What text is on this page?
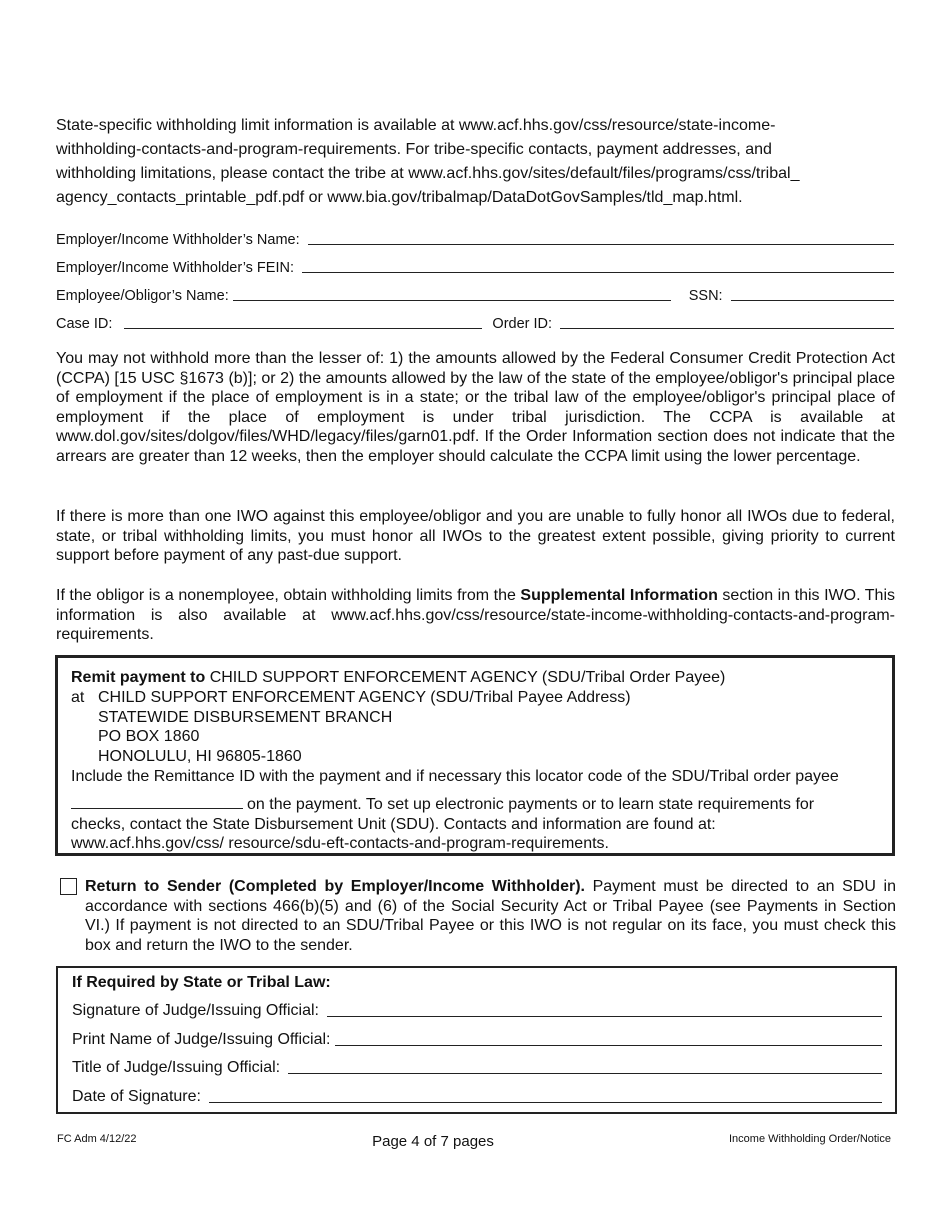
State-specific withholding limit information is available at www.acf.hhs.gov/css/resource/state-income-
withholding-contacts-and-program-requirements. For tribe-specific contacts, payment addresses, and
withholding limitations, please contact the tribe at www.acf.hhs.gov/sites/default/files/programs/css/tribal_
agency_contacts_printable_pdf.pdf or www.bia.gov/tribalmap/DataDotGovSamples/tld_map.html.
Employer/Income Withholder’s Name:
Employer/Income Withholder’s FEIN:
Employee/Obligor’s Name:	SSN:
Case ID:	Order ID:

You may not withhold more than the lesser of: 1) the amounts allowed by the Federal Consumer Credit Protection Act (CCPA) [15 USC §1673 (b)]; or 2) the amounts allowed by the law of the state of the employee/obligor's principal place of employment if the place of employment is in a state; or the tribal law of the employee/obligor's principal place of employment if the place of employment is under tribal jurisdiction. The CCPA is available at www.dol.gov/sites/dolgov/files/WHD/legacy/files/garn01.pdf. If the Order Information section does not indicate that the arrears are greater than 12 weeks, then the employer should calculate the CCPA limit using the lower percentage.

If there is more than one IWO against this employee/obligor and you are unable to fully honor all IWOs due to federal, state, or tribal withholding limits, you must honor all IWOs to the greatest extent possible, giving priority to current support before payment of any past-due support.

If the obligor is a nonemployee, obtain withholding limits from the Supplemental Information section in this IWO. This information is also available at www.acf.hhs.gov/css/resource/state-income-withholding-contacts-and-program-requirements.

Remit payment to CHILD SUPPORT ENFORCEMENT AGENCY (SDU/Tribal Order Payee)
at CHILD SUPPORT ENFORCEMENT AGENCY (SDU/Tribal Payee Address)
STATEWIDE DISBURSEMENT BRANCH
PO BOX 1860
HONOLULU, HI 96805-1860
Include the Remittance ID with the payment and if necessary this locator code of the SDU/Tribal order payee
on the payment. To set up electronic payments or to learn state requirements for
checks, contact the State Disbursement Unit (SDU). Contacts and information are found at:
www.acf.hhs.gov/css/ resource/sdu-eft-contacts-and-program-requirements.

Return to Sender (Completed by Employer/Income Withholder). Payment must be directed to an SDU in accordance with sections 466(b)(5) and (6) of the Social Security Act or Tribal Payee (see Payments in Section VI.) If payment is not directed to an SDU/Tribal Payee or this IWO is not regular on its face, you must check this box and return the IWO to the sender.

If Required by State or Tribal Law:
Signature of Judge/Issuing Official:
Print Name of Judge/Issuing Official:
Title of Judge/Issuing Official:
Date of Signature:
FC Adm 4/12/22	Page 4 of 7 pages	Income Withholding Order/Notice
